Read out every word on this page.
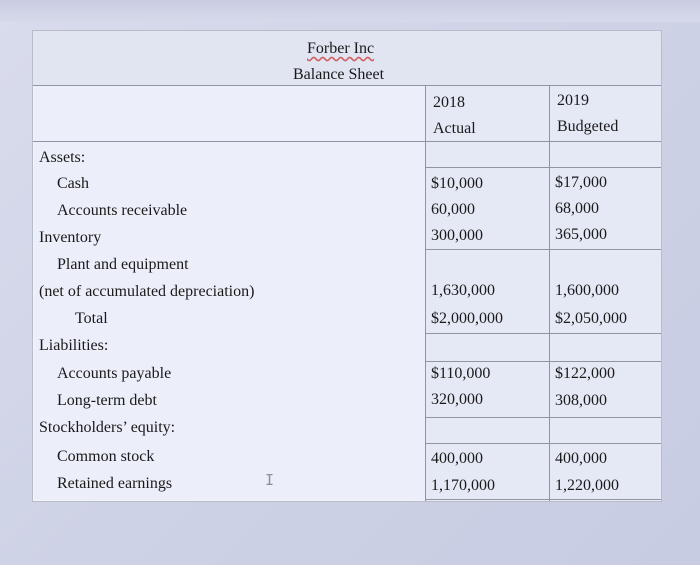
Forber Inc
Balance Sheet
2018
Actual
2019
Budgeted
Assets:
Cash
Accounts receivable
Inventory
Plant and equipment
(net of accumulated depreciation)
Total
Liabilities:
Accounts payable
Long-term debt
Stockholders’ equity:
Common stock
Retained earnings
$10,000
60,000
300,000
1,630,000
$2,000,000
$110,000
320,000
400,000
1,170,000
$17,000
68,000
365,000
1,600,000
$2,050,000
$122,000
308,000
400,000
1,220,000
I
